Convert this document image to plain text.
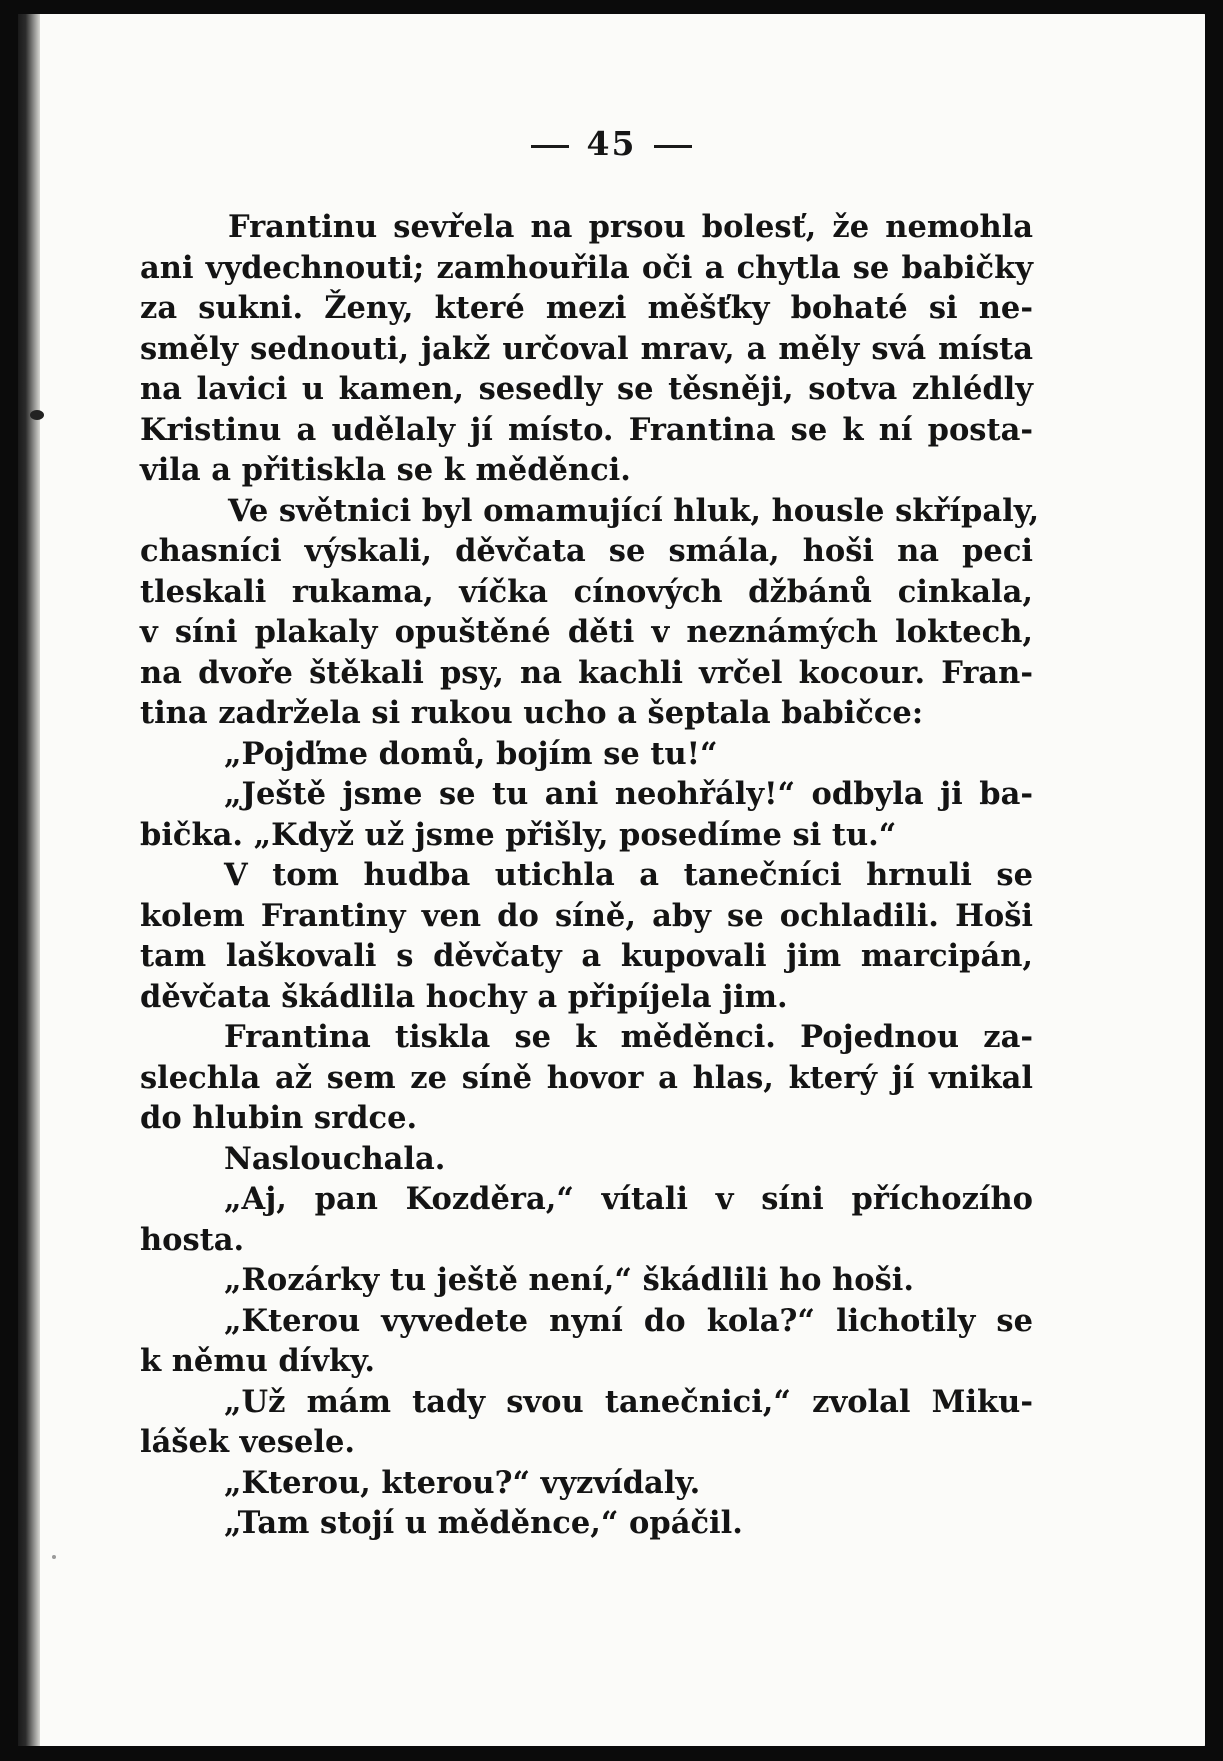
45
Frantinu sevřela na prsou bolesť, že nemohla
ani vydechnouti; zamhouřila oči a chytla se babičky
za sukni. Ženy, které mezi měšťky bohaté si ne-
směly sednouti, jakž určoval mrav, a měly svá místa
na lavici u kamen, sesedly se těsněji, sotva zhlédly
Kristinu a udělaly jí místo. Frantina se k ní posta-
vila a přitiskla se k měděnci.
Ve světnici byl omamující hluk, housle skřípaly,
chasníci výskali, děvčata se smála, hoši na peci
tleskali rukama, víčka cínových džbánů cinkala,
v síni plakaly opuštěné děti v neznámých loktech,
na dvoře štěkali psy, na kachli vrčel kocour. Fran-
tina zadržela si rukou ucho a šeptala babičce:
„Pojďme domů, bojím se tu!“
„Ještě jsme se tu ani neohřály!“ odbyla ji ba-
bička. „Když už jsme přišly, posedíme si tu.“
V tom hudba utichla a tanečníci hrnuli se
kolem Frantiny ven do síně, aby se ochladili. Hoši
tam laškovali s děvčaty a kupovali jim marcipán,
děvčata škádlila hochy a připíjela jim.
Frantina tiskla se k měděnci. Pojednou za-
slechla až sem ze síně hovor a hlas, který jí vnikal
do hlubin srdce.
Naslouchala.
„Aj, pan Kozděra,“ vítali v síni příchozího
hosta.
„Rozárky tu ještě není,“ škádlili ho hoši.
„Kterou vyvedete nyní do kola?“ lichotily se
k němu dívky.
„Už mám tady svou tanečnici,“ zvolal Miku-
lášek vesele.
„Kterou, kterou?“ vyzvídaly.
„Tam stojí u měděnce,“ opáčil.
